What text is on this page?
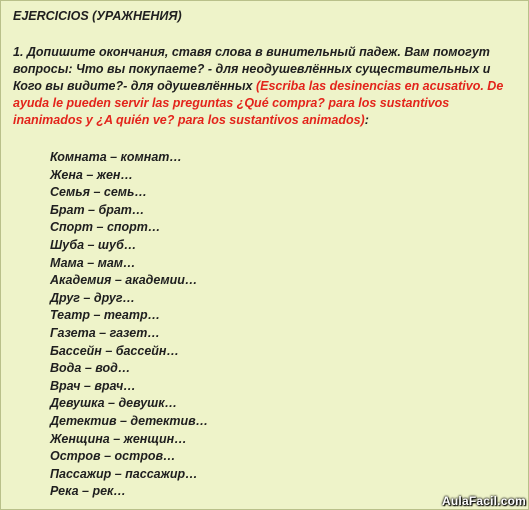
EJERCICIOS (УРАЖНЕНИЯ)
1. Допишите окончания, ставя слова в винительный падеж. Вам помогут вопросы: Что вы покупаете? - для неодушевлённых существительных и Кого вы видите?- для одушевлённых (Escriba las desinencias en acusativo. De ayuda le pueden servir las preguntas ¿Qué compra? para los sustantivos inanimados y ¿A quién ve? para los sustantivos animados):
Комната – комнат…
Жена – жен…
Семья – семь…
Брат – брат…
Спорт – спорт…
Шуба – шуб…
Мама – мам…
Академия – академии…
Друг – друг…
Театр – театр…
Газета – газет…
Бассейн – бассейн…
Вода – вод…
Врач – врач…
Девушка – девушк…
Детектив – детектив…
Женщина – женщин…
Остров – остров…
Пассажир – пассажир…
Река – рек…
AulaFacil.com
